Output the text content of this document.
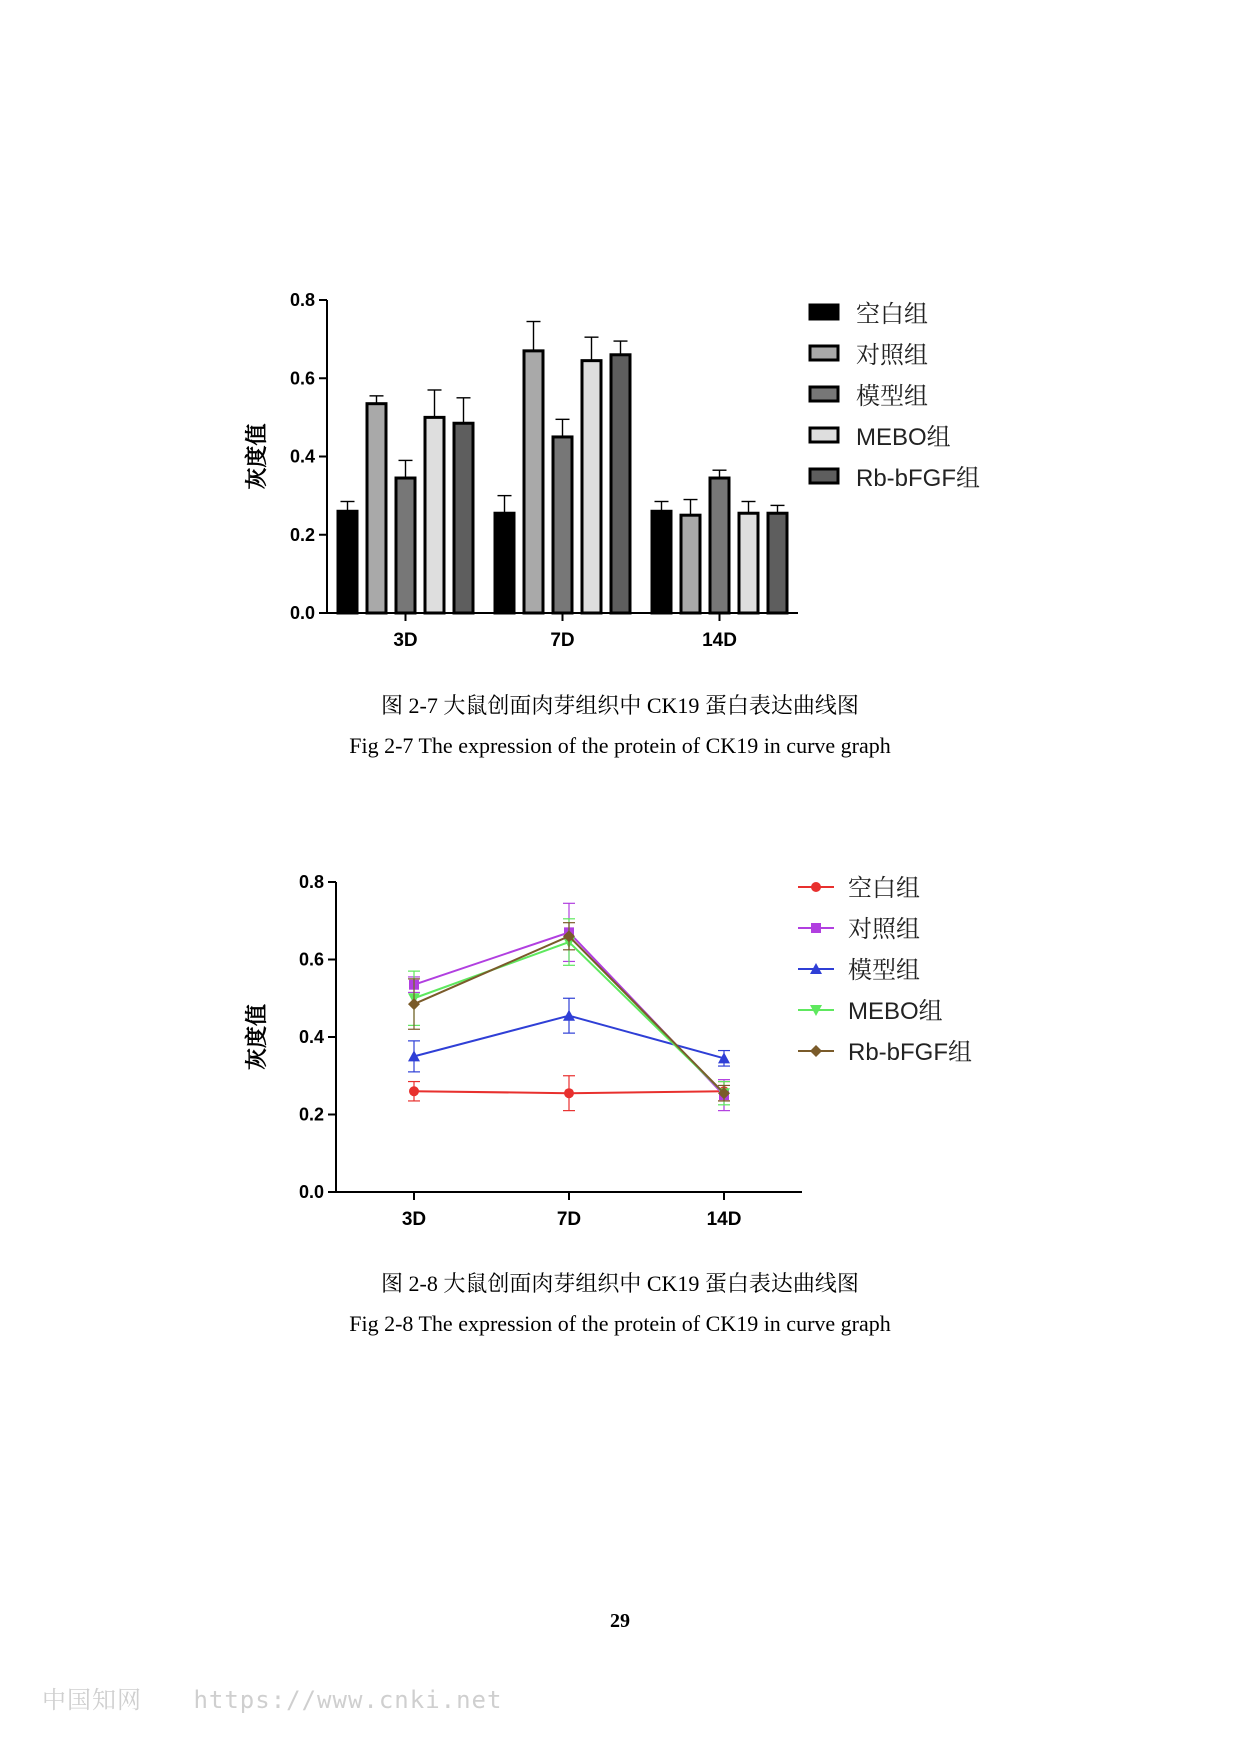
0.0
0.2
0.4
0.6
0.8
灰度值
3D	7D	14D
空白组
对照组
模型组
MEBO组
Rb-bFGF组
图 2-7 大鼠创面肉芽组织中 CK19 蛋白表达曲线图
Fig 2-7 The expression of the protein of CK19 in curve graph
0.0
0.2
0.4
0.6
0.8
灰度值
3D	7D	14D
空白组
对照组
模型组
MEBO组
Rb-bFGF组
图 2-8 大鼠创面肉芽组织中 CK19 蛋白表达曲线图
Fig 2-8 The expression of the protein of CK19 in curve graph
29
中国知网 https://www.cnki.net
